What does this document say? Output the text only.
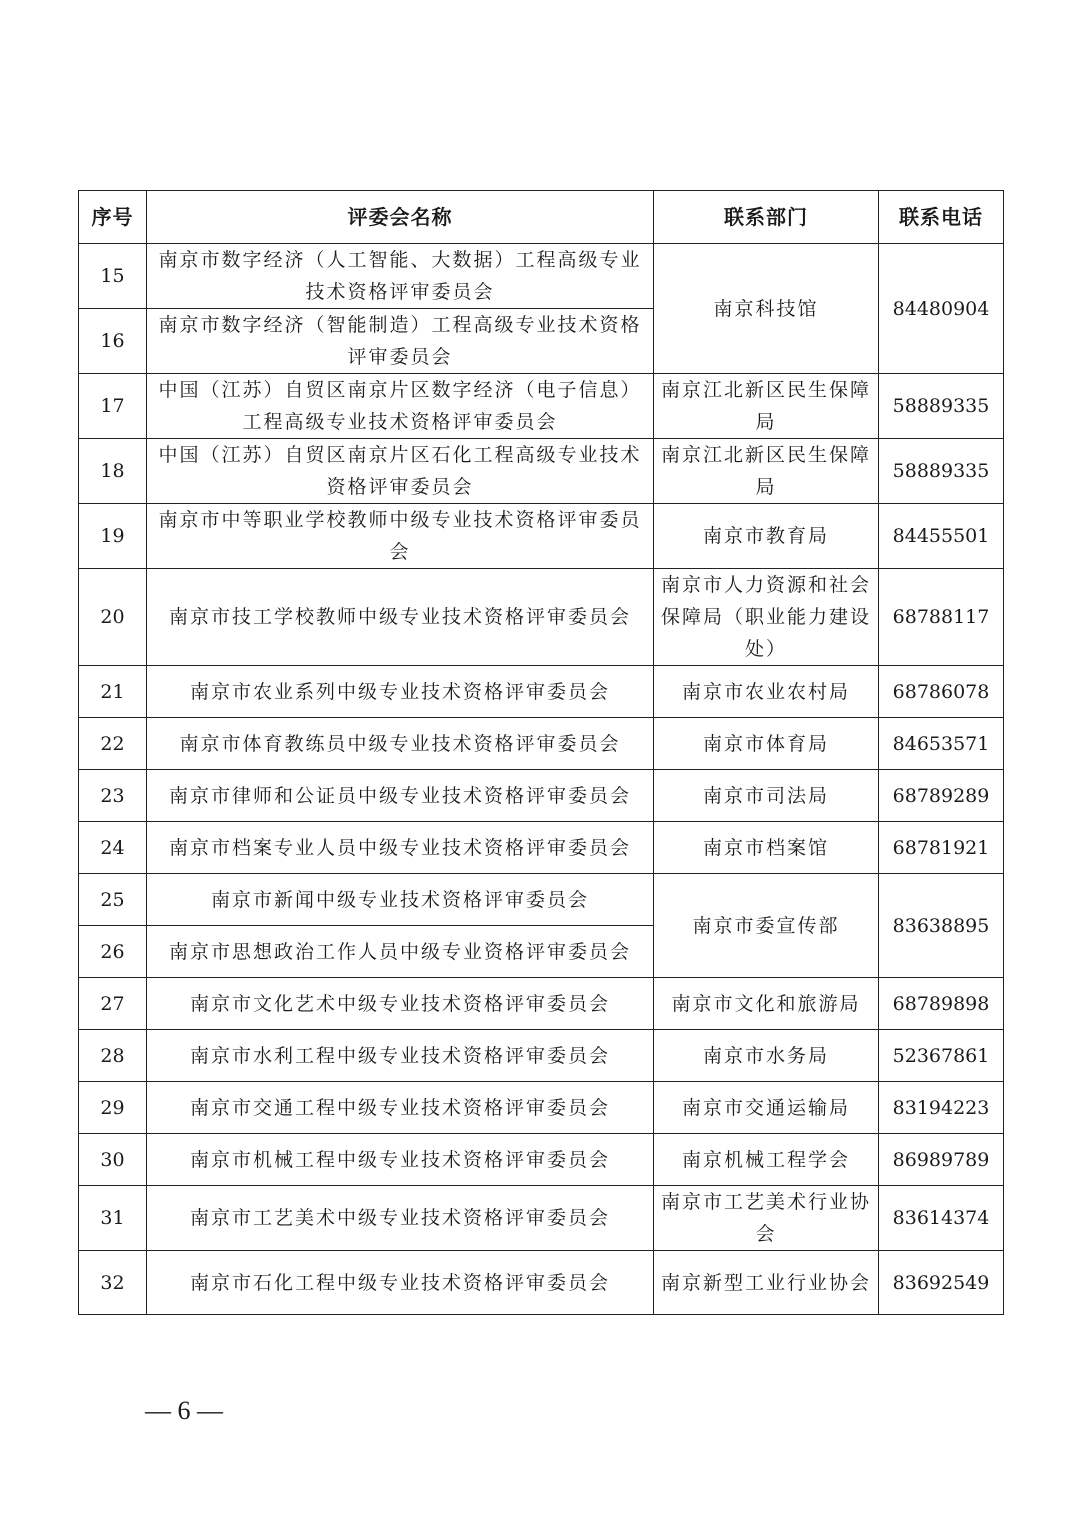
序号	评委会名称	联系部门	联系电话
15	南京市数字经济（人工智能、大数据）工程高级专业技术资格评审委员会	南京科技馆	84480904
16	南京市数字经济（智能制造）工程高级专业技术资格评审委员会		
17	中国（江苏）自贸区南京片区数字经济（电子信息）工程高级专业技术资格评审委员会	南京江北新区民生保障局	58889335
18	中国（江苏）自贸区南京片区石化工程高级专业技术资格评审委员会	南京江北新区民生保障局	58889335
19	南京市中等职业学校教师中级专业技术资格评审委员会	南京市教育局	84455501
20	南京市技工学校教师中级专业技术资格评审委员会	南京市人力资源和社会保障局（职业能力建设处）	68788117
21	南京市农业系列中级专业技术资格评审委员会	南京市农业农村局	68786078
22	南京市体育教练员中级专业技术资格评审委员会	南京市体育局	84653571
23	南京市律师和公证员中级专业技术资格评审委员会	南京市司法局	68789289
24	南京市档案专业人员中级专业技术资格评审委员会	南京市档案馆	68781921
25	南京市新闻中级专业技术资格评审委员会	南京市委宣传部	83638895
26	南京市思想政治工作人员中级专业资格评审委员会		
27	南京市文化艺术中级专业技术资格评审委员会	南京市文化和旅游局	68789898
28	南京市水利工程中级专业技术资格评审委员会	南京市水务局	52367861
29	南京市交通工程中级专业技术资格评审委员会	南京市交通运输局	83194223
30	南京市机械工程中级专业技术资格评审委员会	南京机械工程学会	86989789
31	南京市工艺美术中级专业技术资格评审委员会	南京市工艺美术行业协会	83614374
32	南京市石化工程中级专业技术资格评审委员会	南京新型工业行业协会	83692549
— 6 —
